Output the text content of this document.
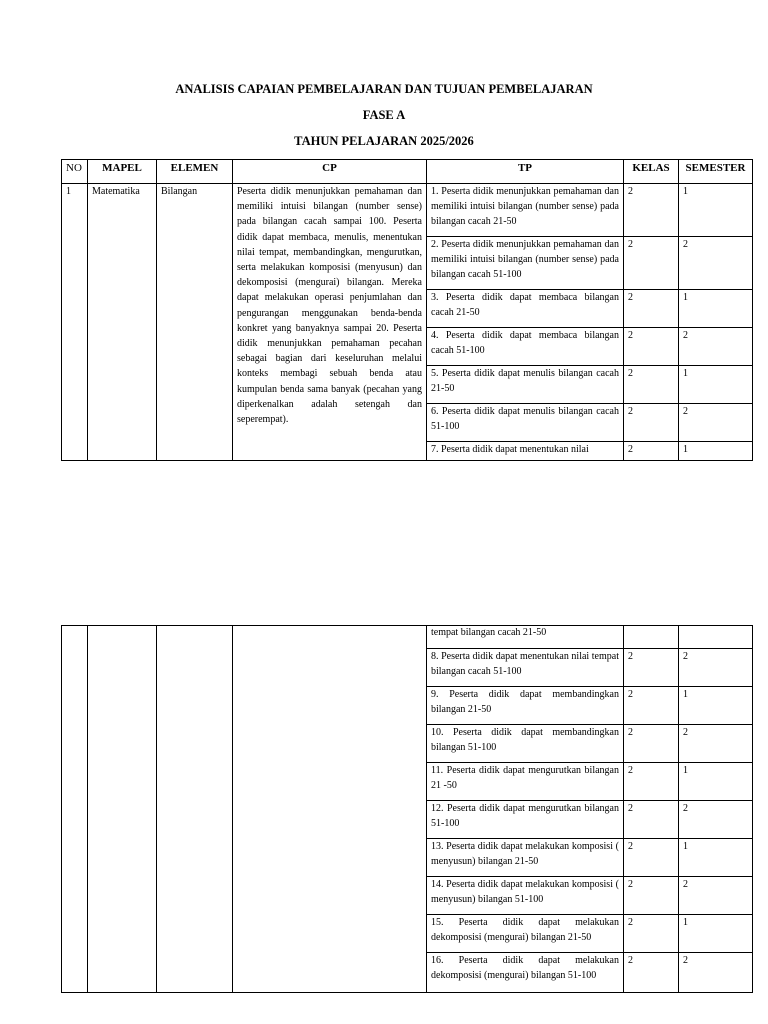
ANALISIS CAPAIAN PEMBELAJARAN DAN TUJUAN PEMBELAJARAN
FASE A
TAHUN PELAJARAN 2025/2026
NO	MAPEL	ELEMEN	CP	TP	KELAS	SEMESTER
1	Matematika	Bilangan	Peserta didik menunjukkan pemahaman dan memiliki intuisi bilangan (number sense) pada bilangan cacah sampai 100. Peserta didik dapat membaca, menulis, menentukan nilai tempat, membandingkan, mengurutkan, serta melakukan komposisi (menyusun) dan dekomposisi (mengurai) bilangan. Mereka dapat melakukan operasi penjumlahan dan pengurangan menggunakan benda-benda konkret yang banyaknya sampai 20. Peserta didik menunjukkan pemahaman pecahan sebagai bagian dari keseluruhan melalui konteks membagi sebuah benda atau kumpulan benda sama banyak (pecahan yang diperkenalkan adalah setengah dan seperempat).	1. Peserta didik menunjukkan pemahaman dan memiliki intuisi bilangan (number sense) pada bilangan cacah 21-50	2	1
				2. Peserta didik menunjukkan pemahaman dan memiliki intuisi bilangan (number sense) pada bilangan cacah 51-100	2	2
				3. Peserta didik dapat membaca bilangan cacah 21-50	2	1
				4. Peserta didik dapat membaca bilangan cacah 51-100	2	2
				5. Peserta didik dapat menulis bilangan cacah 21-50	2	1
				6. Peserta didik dapat menulis bilangan cacah 51-100	2	2
				7. Peserta didik dapat menentukan nilai	2	1
				tempat bilangan cacah 21-50		
				8. Peserta didik dapat menentukan nilai tempat bilangan cacah 51-100	2	2
				9. Peserta didik dapat membandingkan bilangan 21-50	2	1
				10. Peserta didik dapat membandingkan bilangan 51-100	2	2
				11. Peserta didik dapat mengurutkan bilangan 21 -50	2	1
				12. Peserta didik dapat mengurutkan bilangan 51-100	2	2
				13. Peserta didik dapat melakukan komposisi ( menyusun) bilangan 21-50	2	1
				14. Peserta didik dapat melakukan komposisi ( menyusun) bilangan 51-100	2	2
				15. Peserta didik dapat melakukan dekomposisi (mengurai) bilangan 21-50	2	1
				16. Peserta didik dapat melakukan dekomposisi (mengurai) bilangan 51-100	2	2
